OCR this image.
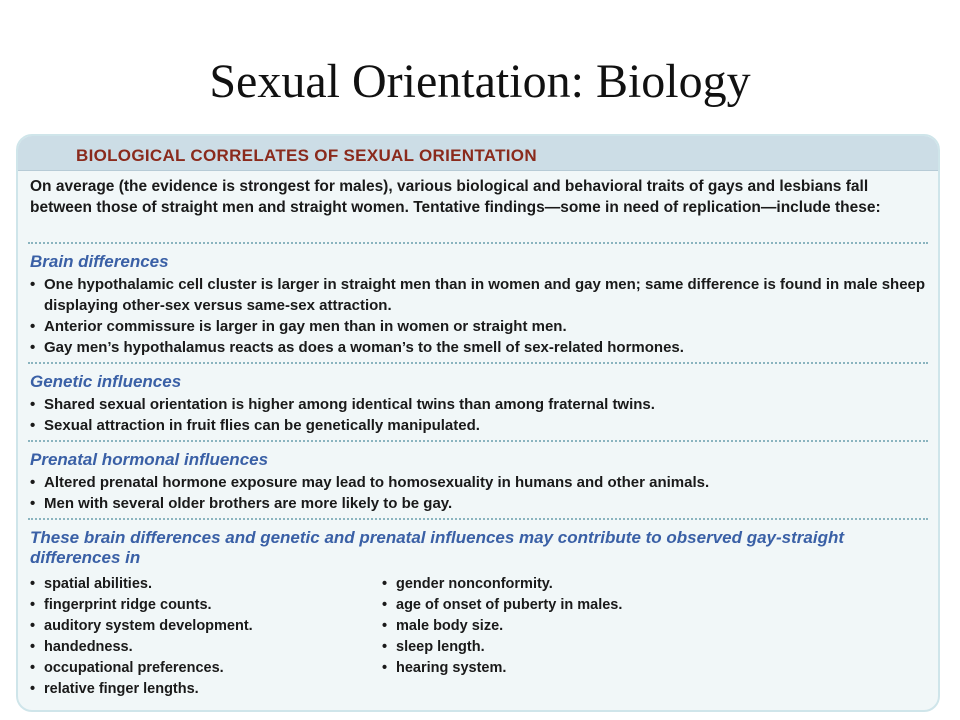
Sexual Orientation: Biology
BIOLOGICAL CORRELATES OF SEXUAL ORIENTATION
On average (the evidence is strongest for males), various biological and behavioral traits of gays and lesbians fall between those of straight men and straight women. Tentative findings—some in need of replication—include these:
Brain differences
• One hypothalamic cell cluster is larger in straight men than in women and gay men; same difference is found in male sheep displaying other-sex versus same-sex attraction.
• Anterior commissure is larger in gay men than in women or straight men.
• Gay men’s hypothalamus reacts as does a woman’s to the smell of sex-related hormones.
Genetic influences
• Shared sexual orientation is higher among identical twins than among fraternal twins.
• Sexual attraction in fruit flies can be genetically manipulated.
Prenatal hormonal influences
• Altered prenatal hormone exposure may lead to homosexuality in humans and other animals.
• Men with several older brothers are more likely to be gay.
These brain differences and genetic and prenatal influences may contribute to observed gay-straight differences in
• spatial abilities.
• fingerprint ridge counts.
• auditory system development.
• handedness.
• occupational preferences.
• relative finger lengths.
• gender nonconformity.
• age of onset of puberty in males.
• male body size.
• sleep length.
• hearing system.
